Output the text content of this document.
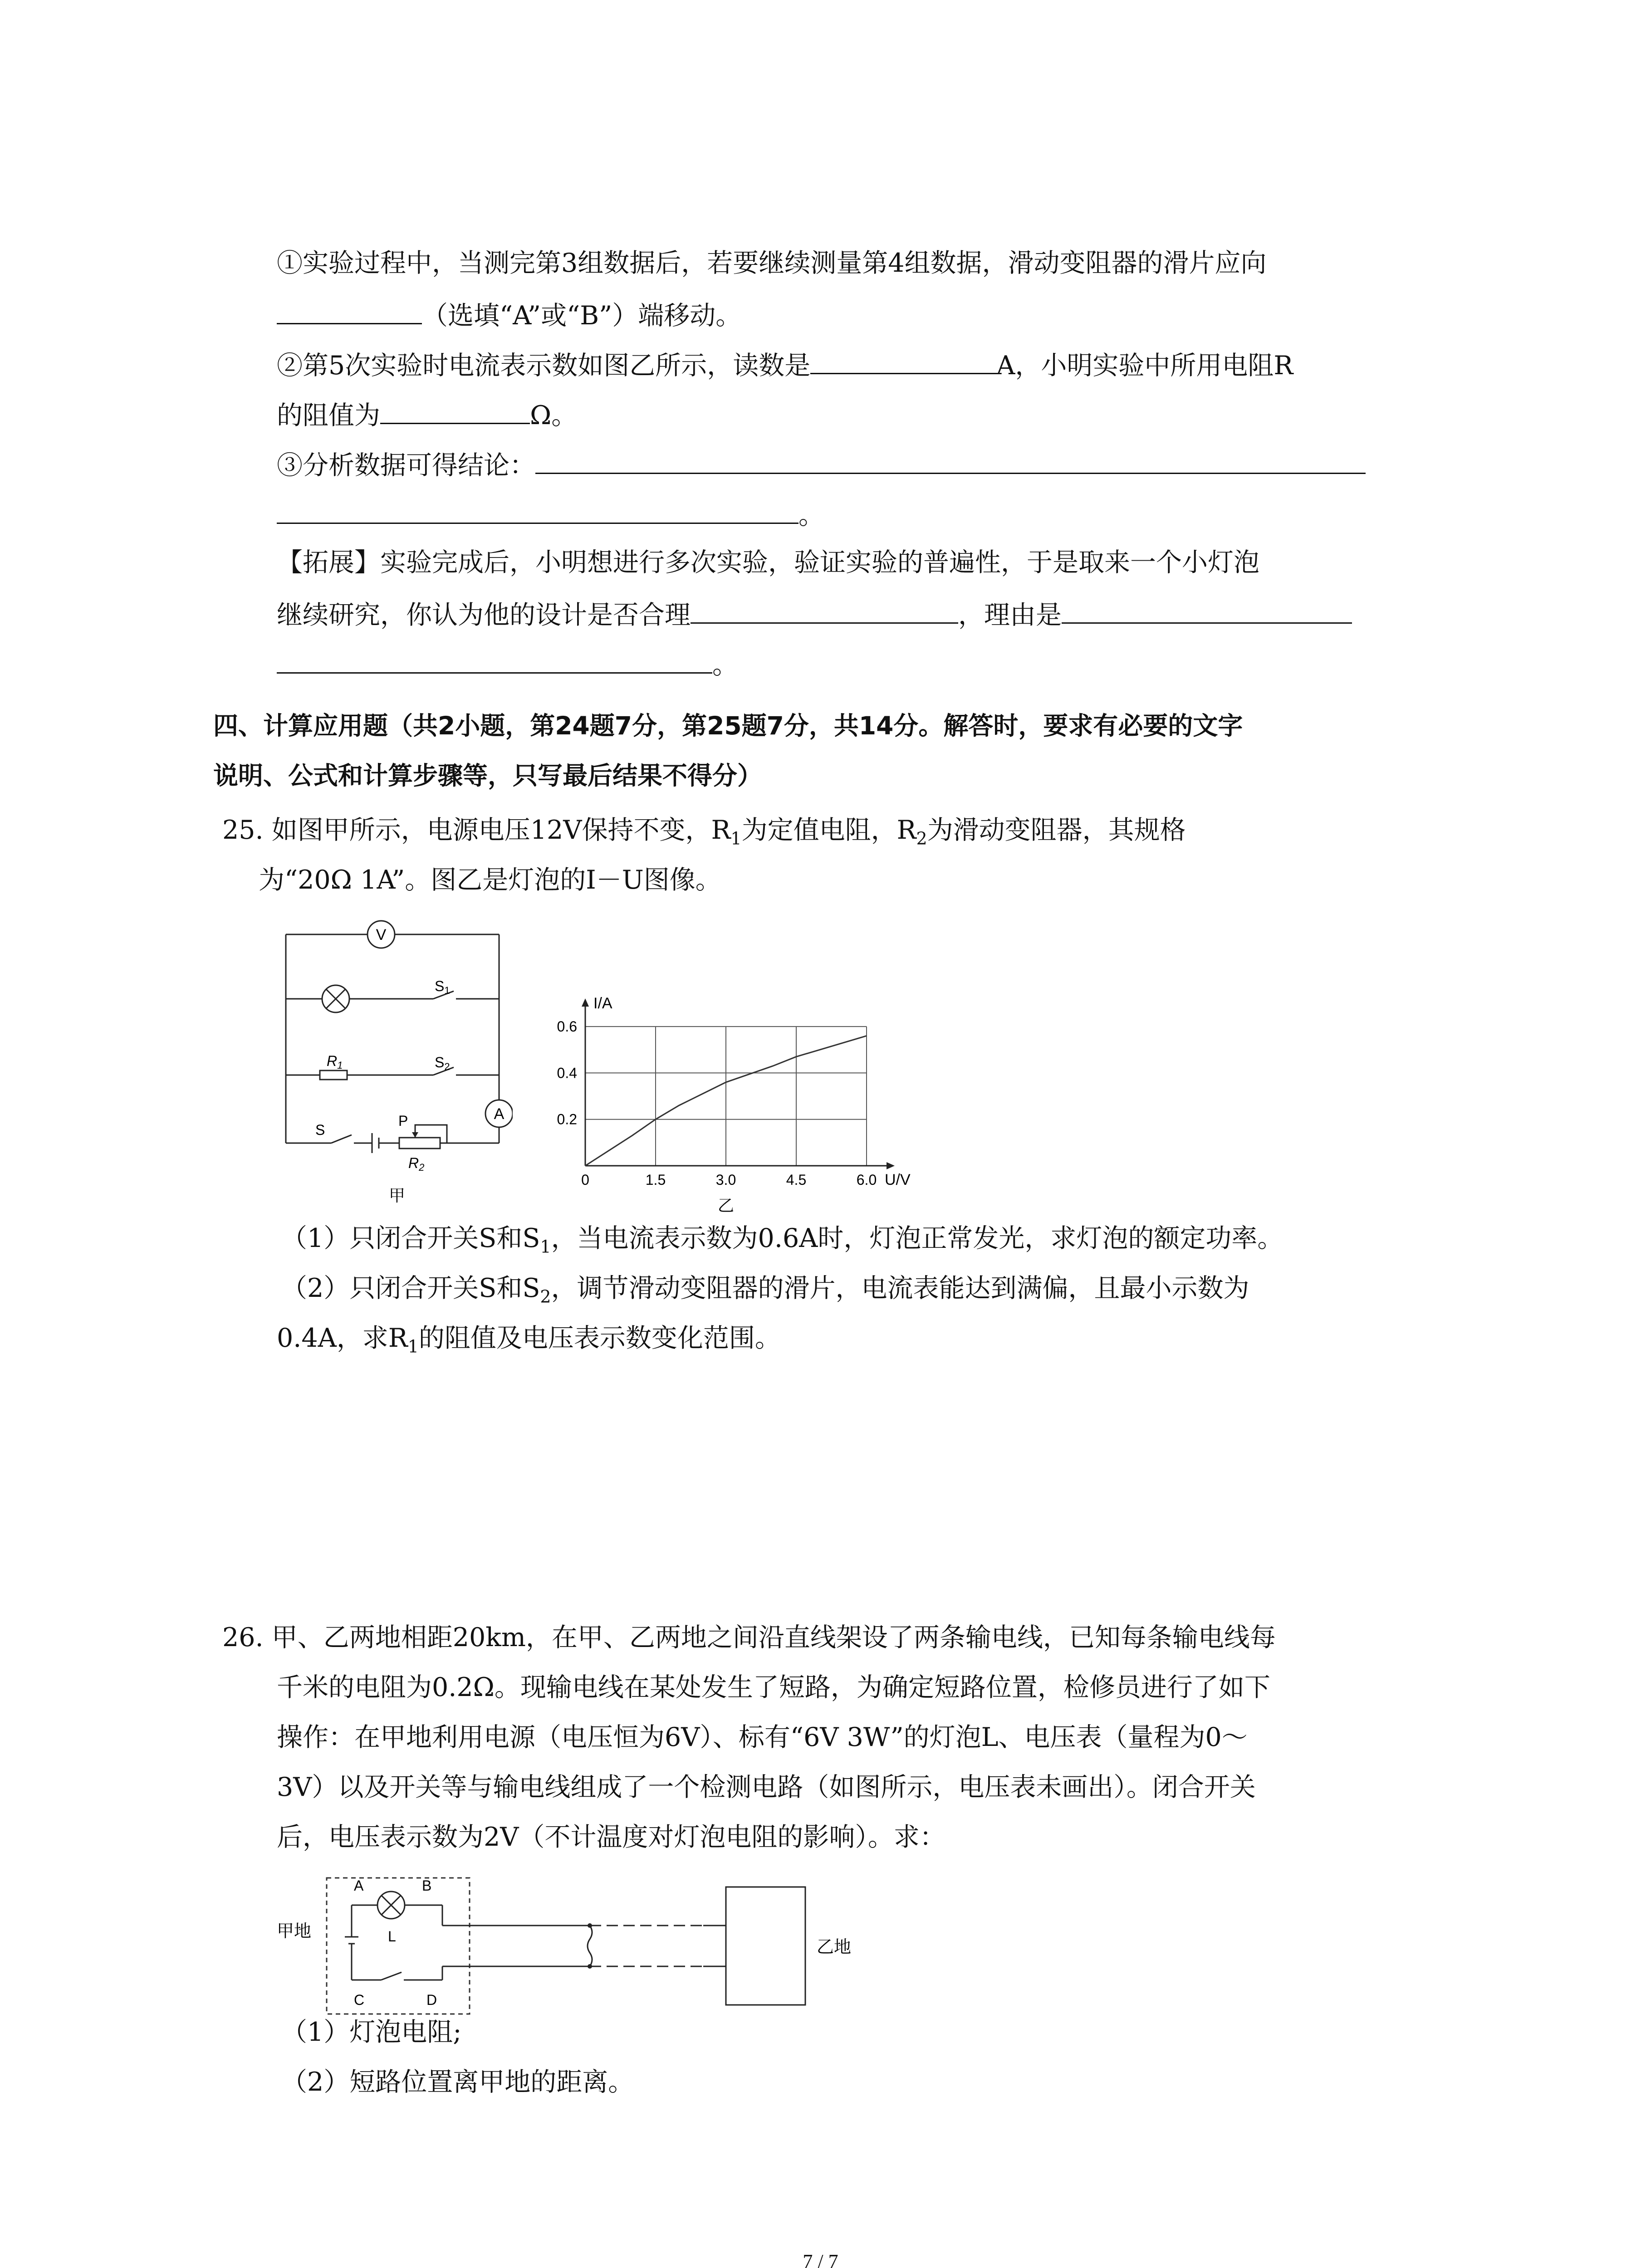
①实验过程中，当测完第3组数据后，若要继续测量第4组数据，滑动变阻器的滑片应向
（选填“A”或“B”）端移动。
②第5次实验时电流表示数如图乙所示，读数是	A，小明实验中所用电阻R
的阻值为	Ω。
③分析数据可得结论：
。
【拓展】实验完成后，小明想进行多次实验，验证实验的普遍性，于是取来一个小灯泡
继续研究，你认为他的设计是否合理	，理由是
。
四、计算应用题（共2小题，第24题7分，第25题7分，共14分。解答时，要求有必要的文字
说明、公式和计算步骤等，只写最后结果不得分）
25. 如图甲所示，电源电压12V保持不变，$R_1$为定值电阻，$R_2$为滑动变阻器，其规格
为“20Ω 1A”。图乙是灯泡的I－U图像。
V
A
S1
R1	S2
S
P
R2
甲
I/A
U/V
0	1.5	3.0	4.5	6.0
0.2
0.4
0.6
乙
（1）只闭合开关S和$S_1$，当电流表示数为0.6A时，灯泡正常发光，求灯泡的额定功率。
（2）只闭合开关S和$S_2$，调节滑动变阻器的滑片，电流表能达到满偏，且最小示数为
0.4A，求$R_1$的阻值及电压表示数变化范围。
26. 甲、乙两地相距20km，在甲、乙两地之间沿直线架设了两条输电线，已知每条输电线每
千米的电阻为0.2Ω。现输电线在某处发生了短路，为确定短路位置，检修员进行了如下
操作：在甲地利用电源（电压恒为6V）、标有“6V 3W”的灯泡L、电压表（量程为0～
3V）以及开关等与输电线组成了一个检测电路（如图所示，电压表未画出）。闭合开关
后，电压表示数为2V（不计温度对灯泡电阻的影响）。求：
甲地
A	B
L
C	D
乙地
（1）灯泡电阻;
（2）短路位置离甲地的距离。
7 / 7
